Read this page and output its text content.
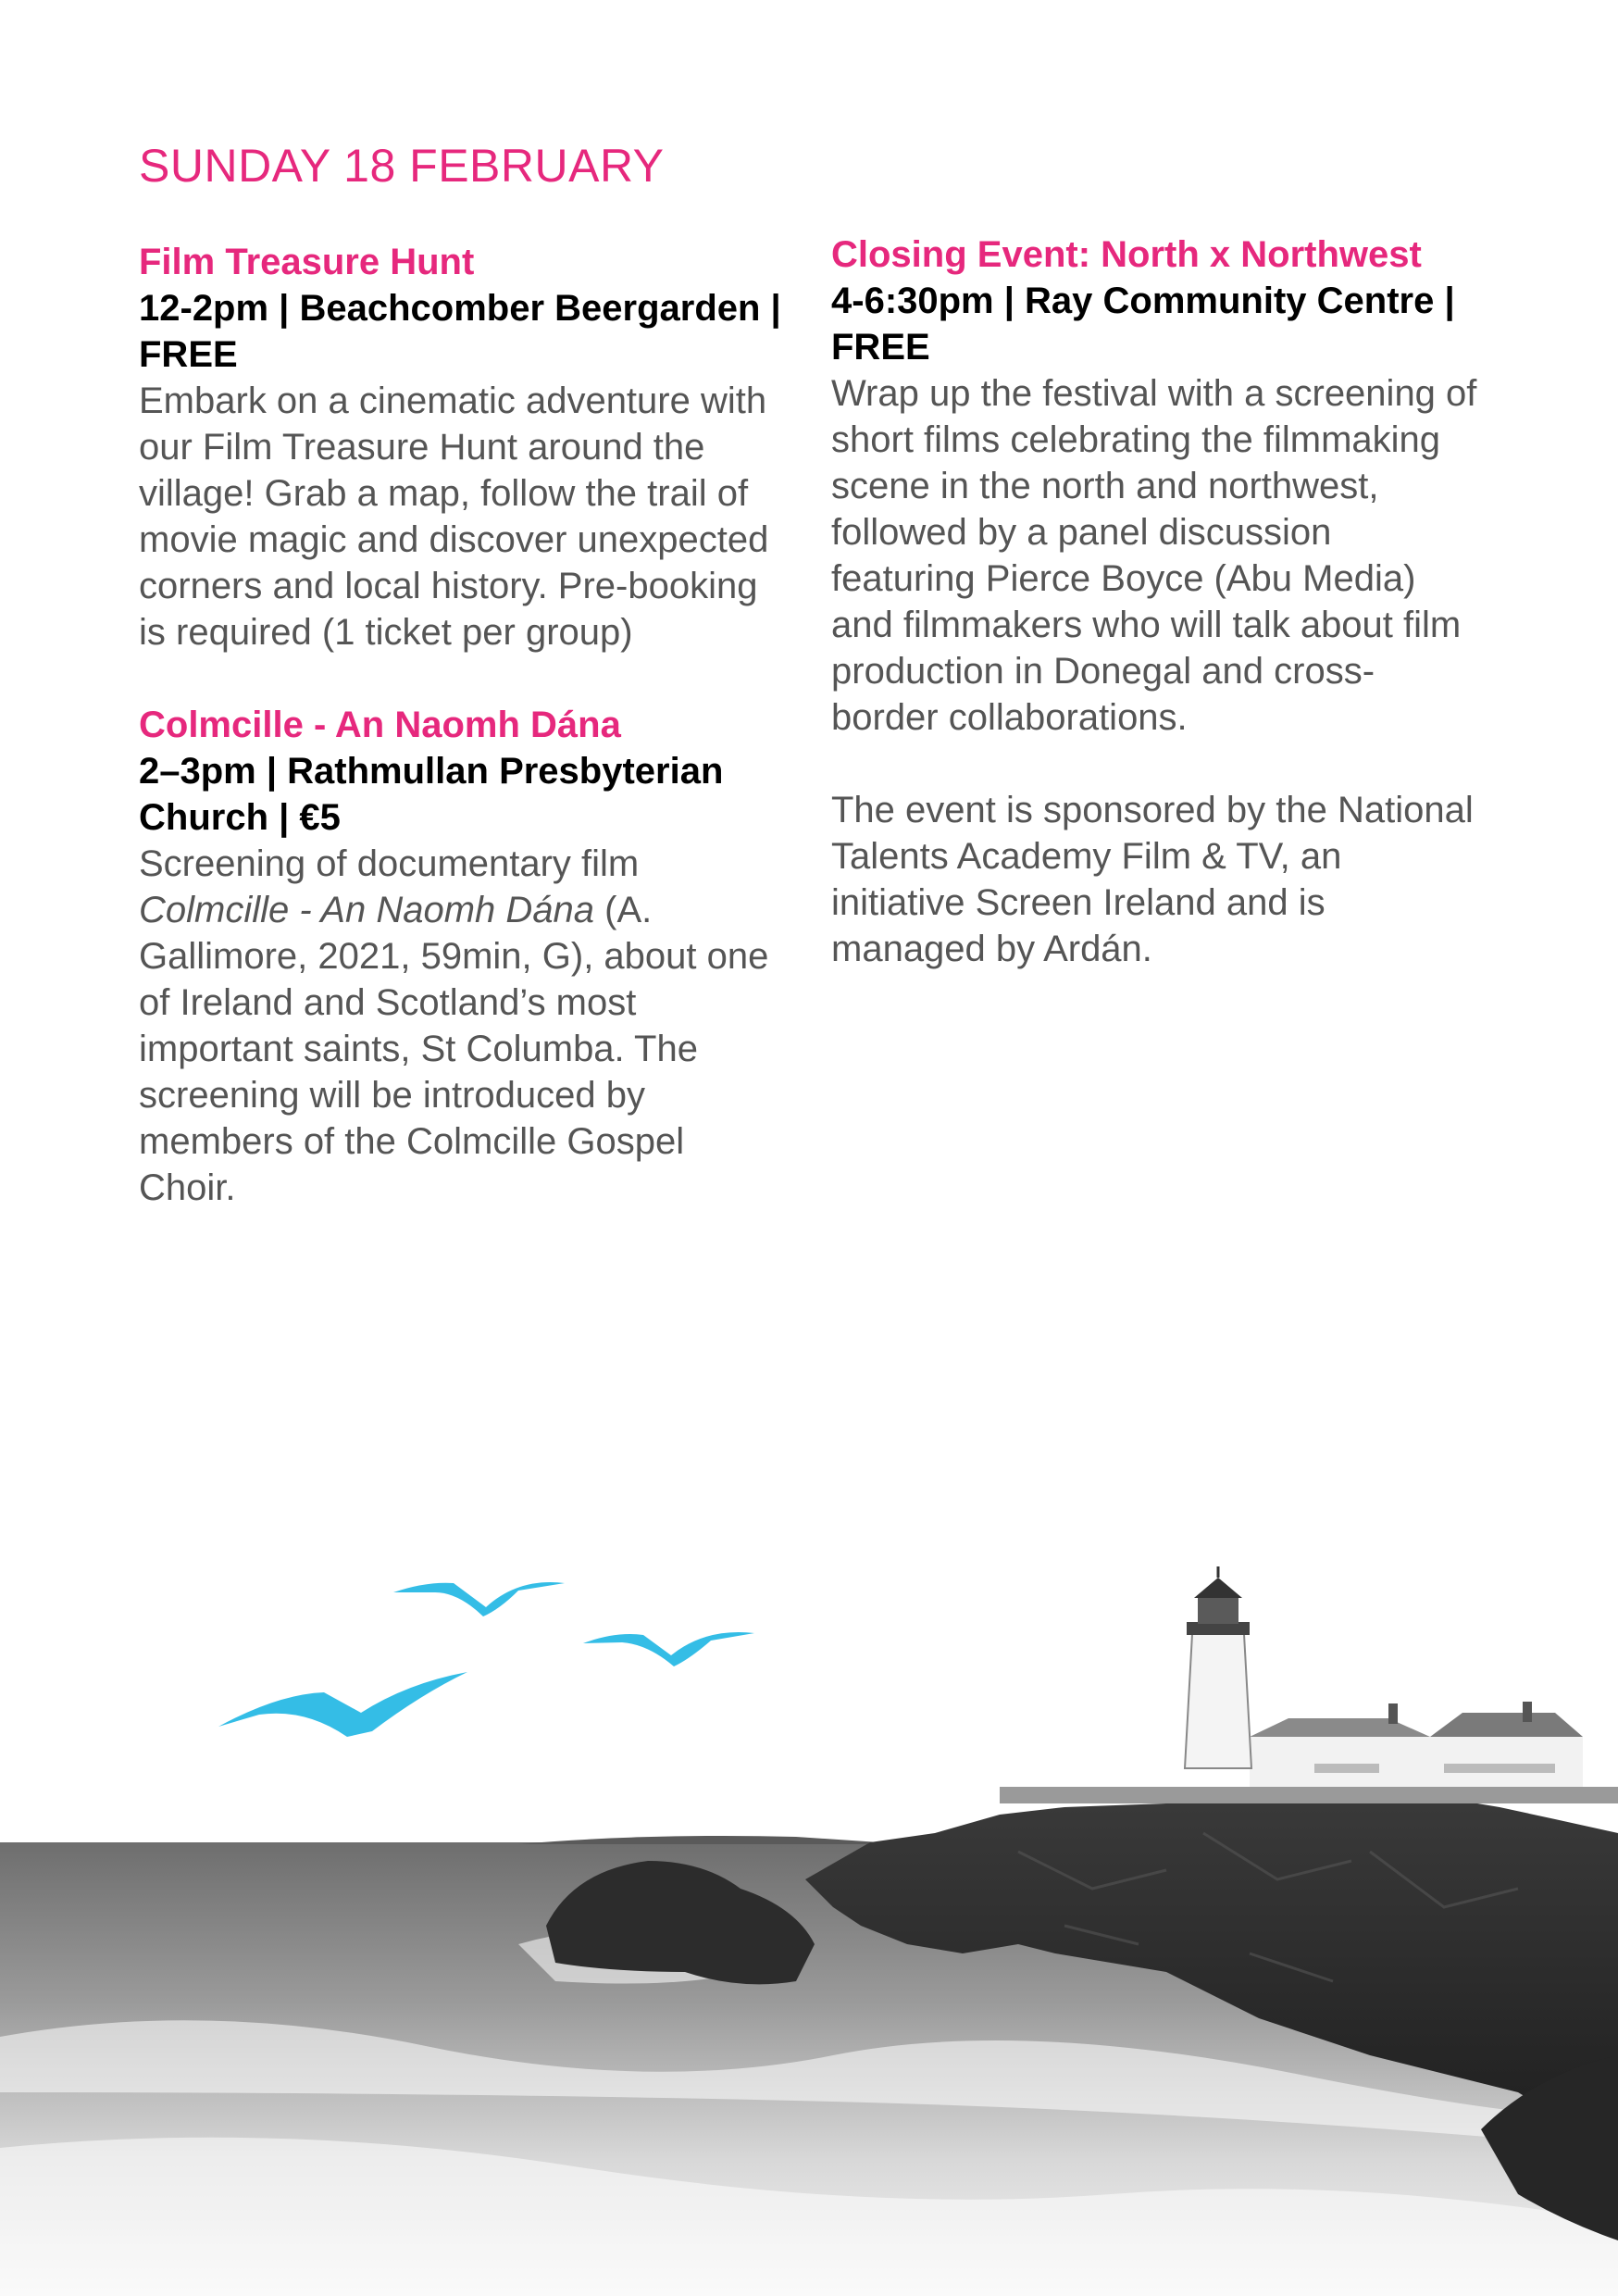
SUNDAY 18 FEBRUARY
Film Treasure Hunt
12-2pm | Beachcomber Beergarden | FREE

Embark on a cinematic adventure with our Film Treasure Hunt around the village! Grab a map, follow the trail of movie magic and discover unexpected corners and local history. Pre-booking is required (1 ticket per group)

Colmcille - An Naomh Dána
2–3pm | Rathmullan Presbyterian Church | €5

Screening of documentary film Colmcille - An Naomh Dána (A. Gallimore, 2021, 59min, G), about one of Ireland and Scotland’s most important saints, St Columba. The screening will be introduced by members of the Colmcille Gospel Choir.

Closing Event: North x Northwest
4-6:30pm | Ray Community Centre | FREE

Wrap up the festival with a screening of short films celebrating the filmmaking scene in the north and northwest, followed by a panel discussion featuring Pierce Boyce (Abu Media) and filmmakers who will talk about film production in Donegal and cross-border collaborations.

The event is sponsored by the National Talents Academy Film & TV, an initiative Screen Ireland and is managed by Ardán.
